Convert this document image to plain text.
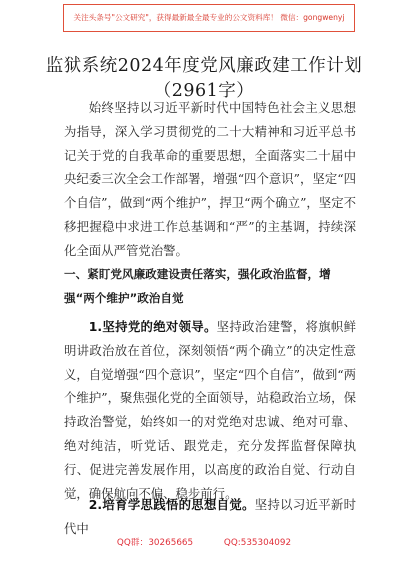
关注头条号"公文研究"，获得最新最全最专业的公文资料库！ 微信：gongwenyj
监狱系统2024年度党风廉政建工作计划
（2961字）

始终坚持以习近平新时代中国特色社会主义思想为指导，深入学习贯彻党的二十大精神和习近平总书记关于党的自我革命的重要思想，全面落实二十届中央纪委三次全会工作部署，增强“四个意识”，坚定“四个自信”，做到“两个维护”，捍卫“两个确立”，坚定不移把握稳中求进工作总基调和“严”的主基调，持续深化全面从严管党治警。

一、紧盯党风廉政建设责任落实，强化政治监督，增强“两个维护”政治自觉

1.坚持党的绝对领导。坚持政治建警，将旗帜鲜明讲政治放在首位，深刻领悟“两个确立”的决定性意义，自觉增强“四个意识”，坚定“四个自信”，做到“两个维护”，聚焦强化党的全面领导，站稳政治立场，保持政治警觉，始终如一的对党绝对忠诚、绝对可靠、绝对纯洁，听党话、跟党走，充分发挥监督保障执行、促进完善发展作用，以高度的政治自觉、行动自觉，确保航向不偏、稳步前行。

2.培育学思践悟的思想自觉。坚持以习近平新时代中

QQ群：30265665	QQ:535304092
